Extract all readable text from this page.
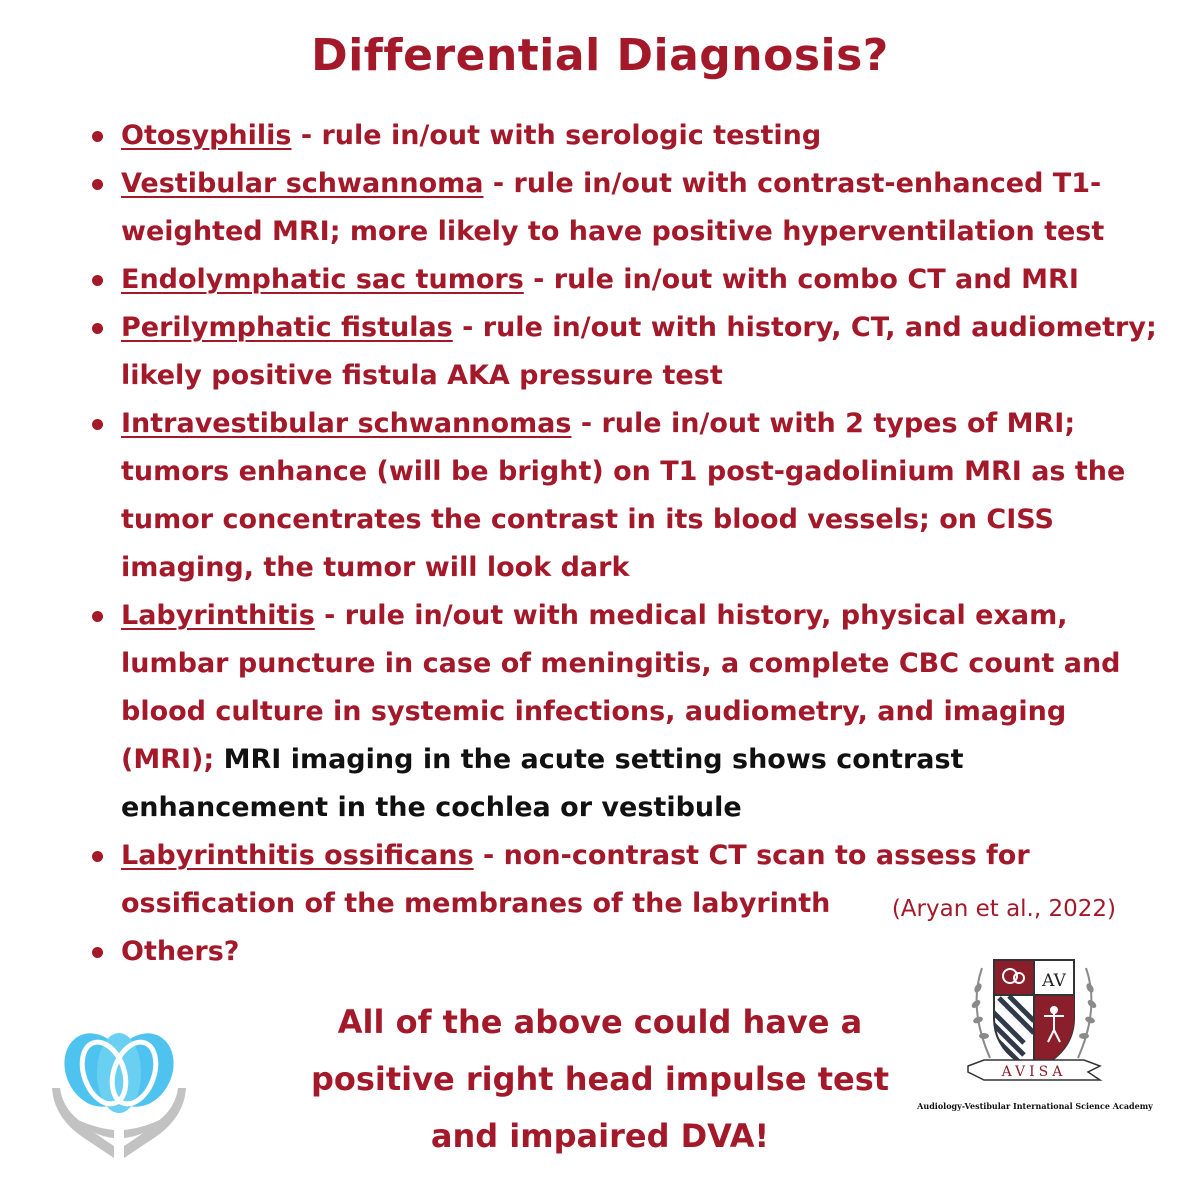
Differential Diagnosis?
Otosyphilis - rule in/out with serologic testing
Vestibular schwannoma - rule in/out with contrast-enhanced T1-weighted MRI; more likely to have positive hyperventilation test
Endolymphatic sac tumors - rule in/out with combo CT and MRI
Perilymphatic fistulas - rule in/out with history, CT, and audiometry; likely positive fistula AKA pressure test
Intravestibular schwannomas - rule in/out with 2 types of MRI; tumors enhance (will be bright) on T1 post-gadolinium MRI as the tumor concentrates the contrast in its blood vessels; on CISS imaging, the tumor will look dark
Labyrinthitis - rule in/out with medical history, physical exam, lumbar puncture in case of meningitis, a complete CBC count and blood culture in systemic infections, audiometry, and imaging (MRI); MRI imaging in the acute setting shows contrast enhancement in the cochlea or vestibule
Labyrinthitis ossificans - non-contrast CT scan to assess for ossification of the membranes of the labyrinth
Others?
(Aryan et al., 2022)
All of the above could have a positive right head impulse test and impaired DVA!
AV
AVISA
Audiology-Vestibular International Science Academy
